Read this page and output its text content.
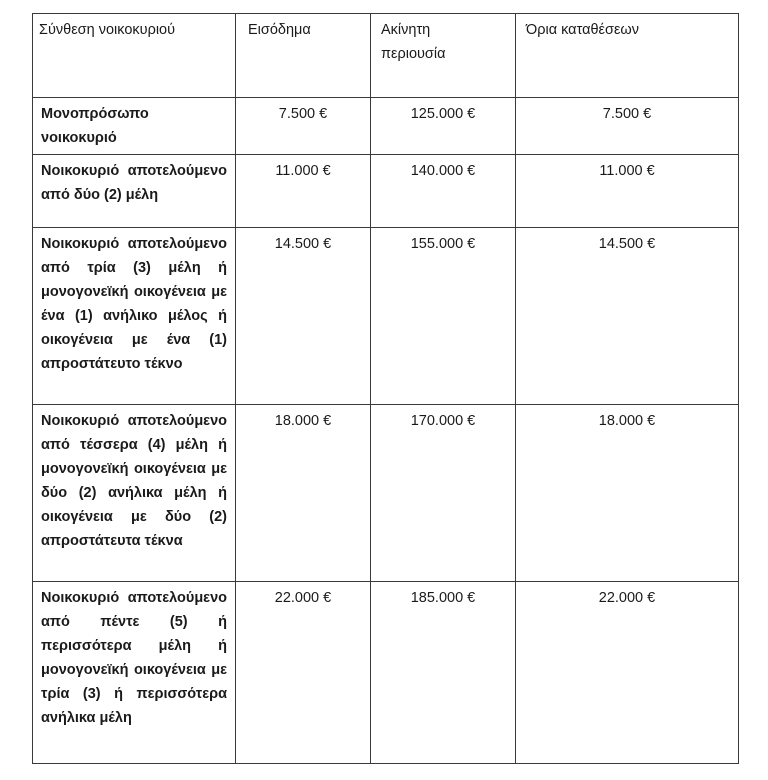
Σύνθεση νοικοκυριού	Εισόδημα	Ακίνητη περιουσία	Όρια καταθέσεων
Μονοπρόσωπο νοικοκυριό	7.500 €	125.000 €	7.500 €
Νοικοκυριό αποτελούμενο από δύο (2) μέλη	11.000 €	140.000 €	11.000 €
Νοικοκυριό αποτελούμενο από τρία (3) μέλη ή μονογονεϊκή οικογένεια με ένα (1) ανήλικο μέλος ή οικογένεια με ένα (1) απροστάτευτο τέκνο	14.500 €	155.000 €	14.500 €
Νοικοκυριό αποτελούμενο από τέσσερα (4) μέλη ή μονογονεϊκή οικογένεια με δύο (2) ανήλικα μέλη ή οικογένεια με δύο (2) απροστάτευτα τέκνα	18.000 €	170.000 €	18.000 €
Νοικοκυριό αποτελούμενο από πέντε (5) ή περισσότερα μέλη ή μονογονεϊκή οικογένεια με τρία (3) ή περισσότερα ανήλικα μέλη	22.000 €	185.000 €	22.000 €
